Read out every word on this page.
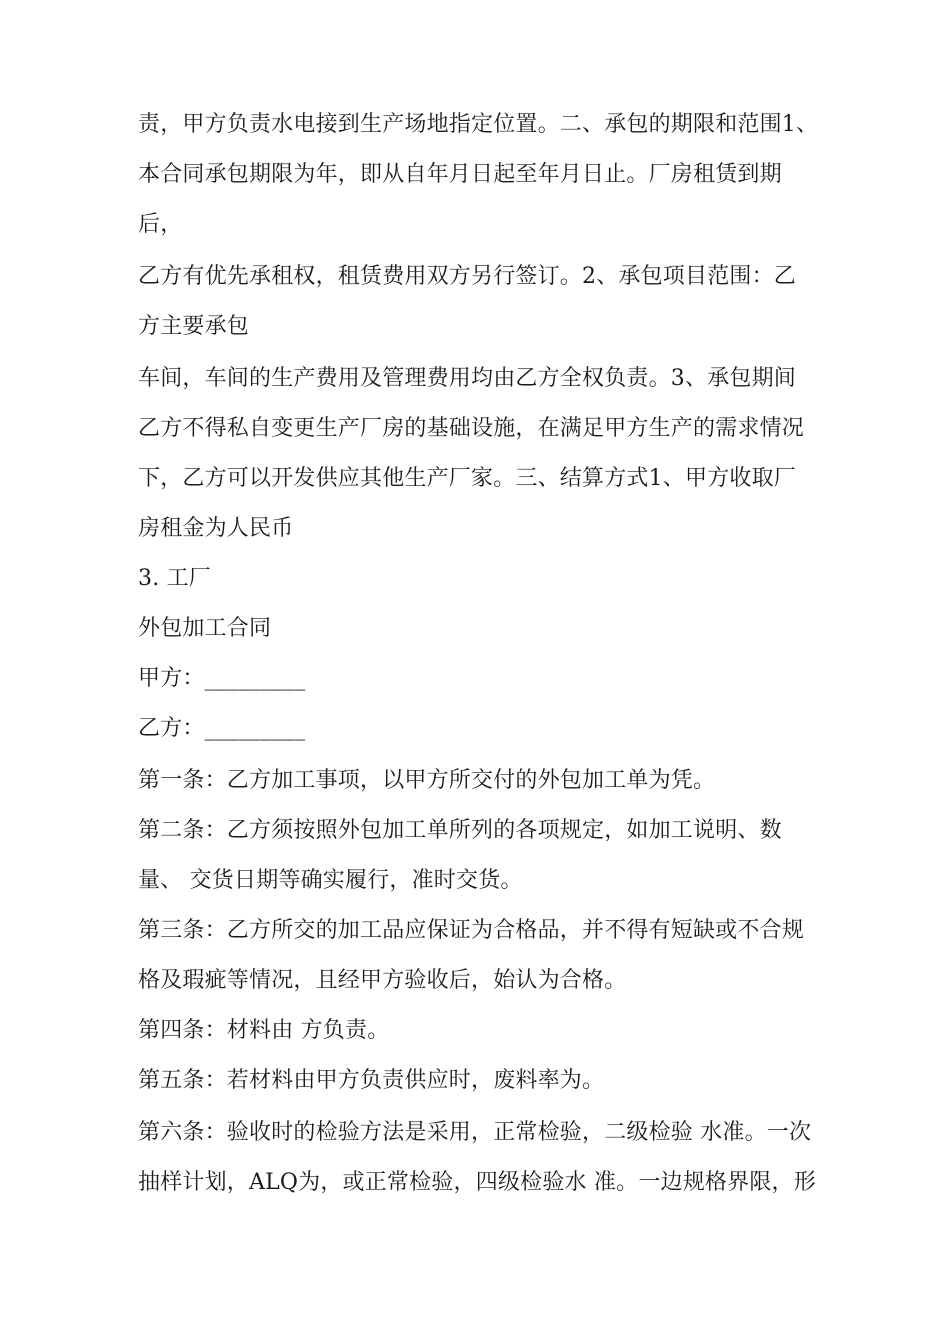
责，甲方负责水电接到生产场地指定位置。二、承包的期限和范围1、
本合同承包期限为年，即从自年月日起至年月日止。厂房租赁到期
后，
乙方有优先承租权，租赁费用双方另行签订。2、承包项目范围：乙
方主要承包
车间，车间的生产费用及管理费用均由乙方全权负责。3、承包期间
乙方不得私自变更生产厂房的基础设施，在满足甲方生产的需求情况
下，乙方可以开发供应其他生产厂家。三、结算方式1、甲方收取厂
房租金为人民币
3. 工厂
外包加工合同
甲方：_________
乙方：_________
第一条：乙方加工事项，以甲方所交付的外包加工单为凭。
第二条：乙方须按照外包加工单所列的各项规定，如加工说明、数
量、 交货日期等确实履行，准时交货。
第三条：乙方所交的加工品应保证为合格品，并不得有短缺或不合规
格及瑕疵等情况，且经甲方验收后，始认为合格。
第四条：材料由 方负责。
第五条：若材料由甲方负责供应时，废料率为。
第六条：验收时的检验方法是采用，正常检验，二级检验 水准。一次
抽样计划，ALQ为，或正常检验，四级检验水 准。一边规格界限，形
